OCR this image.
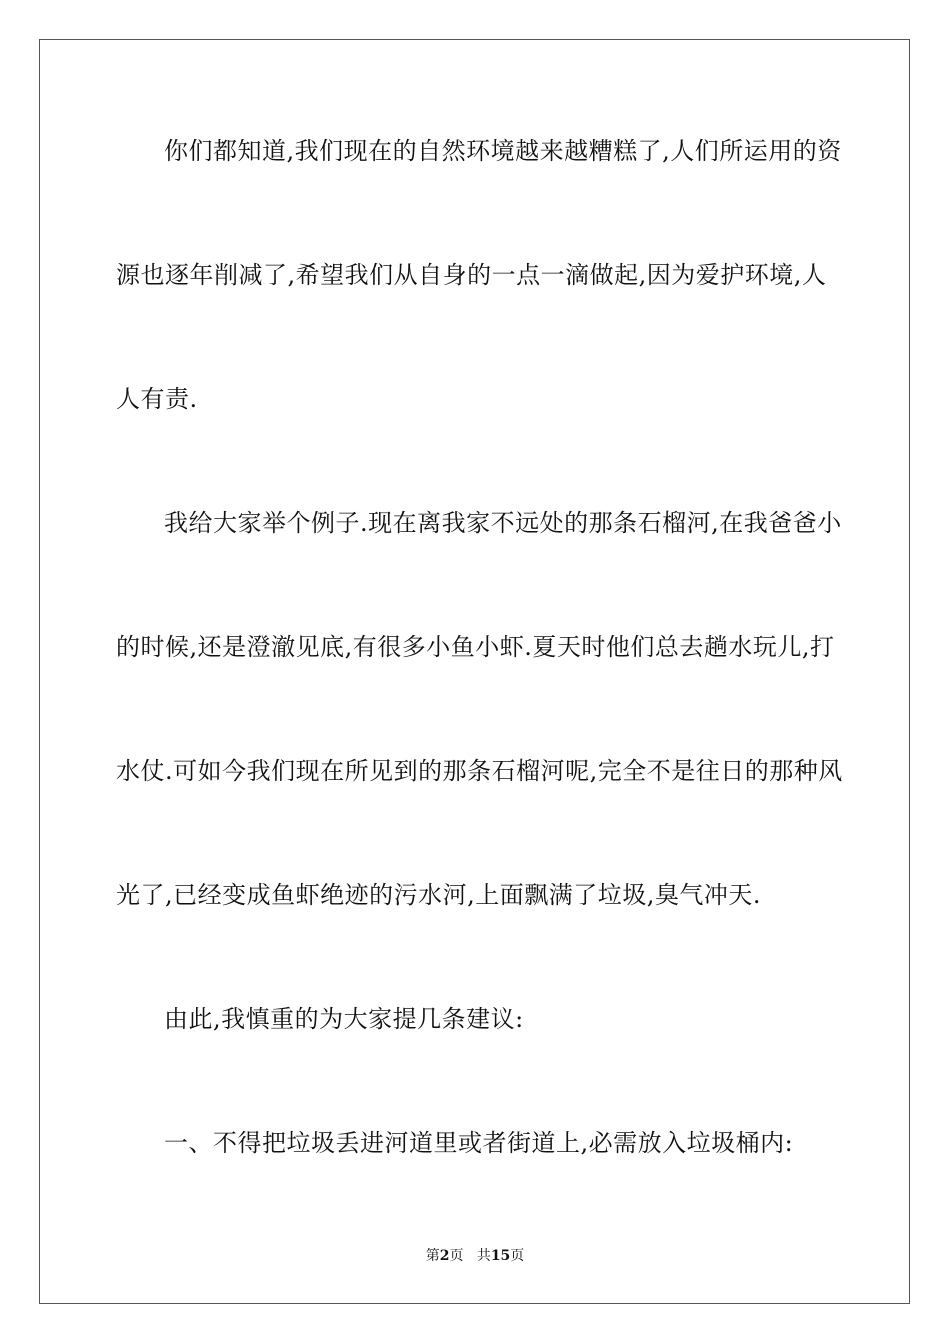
你们都知道,我们现在的自然环境越来越糟糕了,人们所运用的资
源也逐年削减了,希望我们从自身的一点一滴做起,因为爱护环境,人
人有责.
我给大家举个例子.现在离我家不远处的那条石榴河,在我爸爸小
的时候,还是澄澈见底,有很多小鱼小虾.夏天时他们总去趟水玩儿,打
水仗.可如今我们现在所见到的那条石榴河呢,完全不是往日的那种风
光了,已经变成鱼虾绝迹的污水河,上面飘满了垃圾,臭气冲天.
由此,我慎重的为大家提几条建议:
一、不得把垃圾丢进河道里或者街道上,必需放入垃圾桶内:
第2页 共15页
